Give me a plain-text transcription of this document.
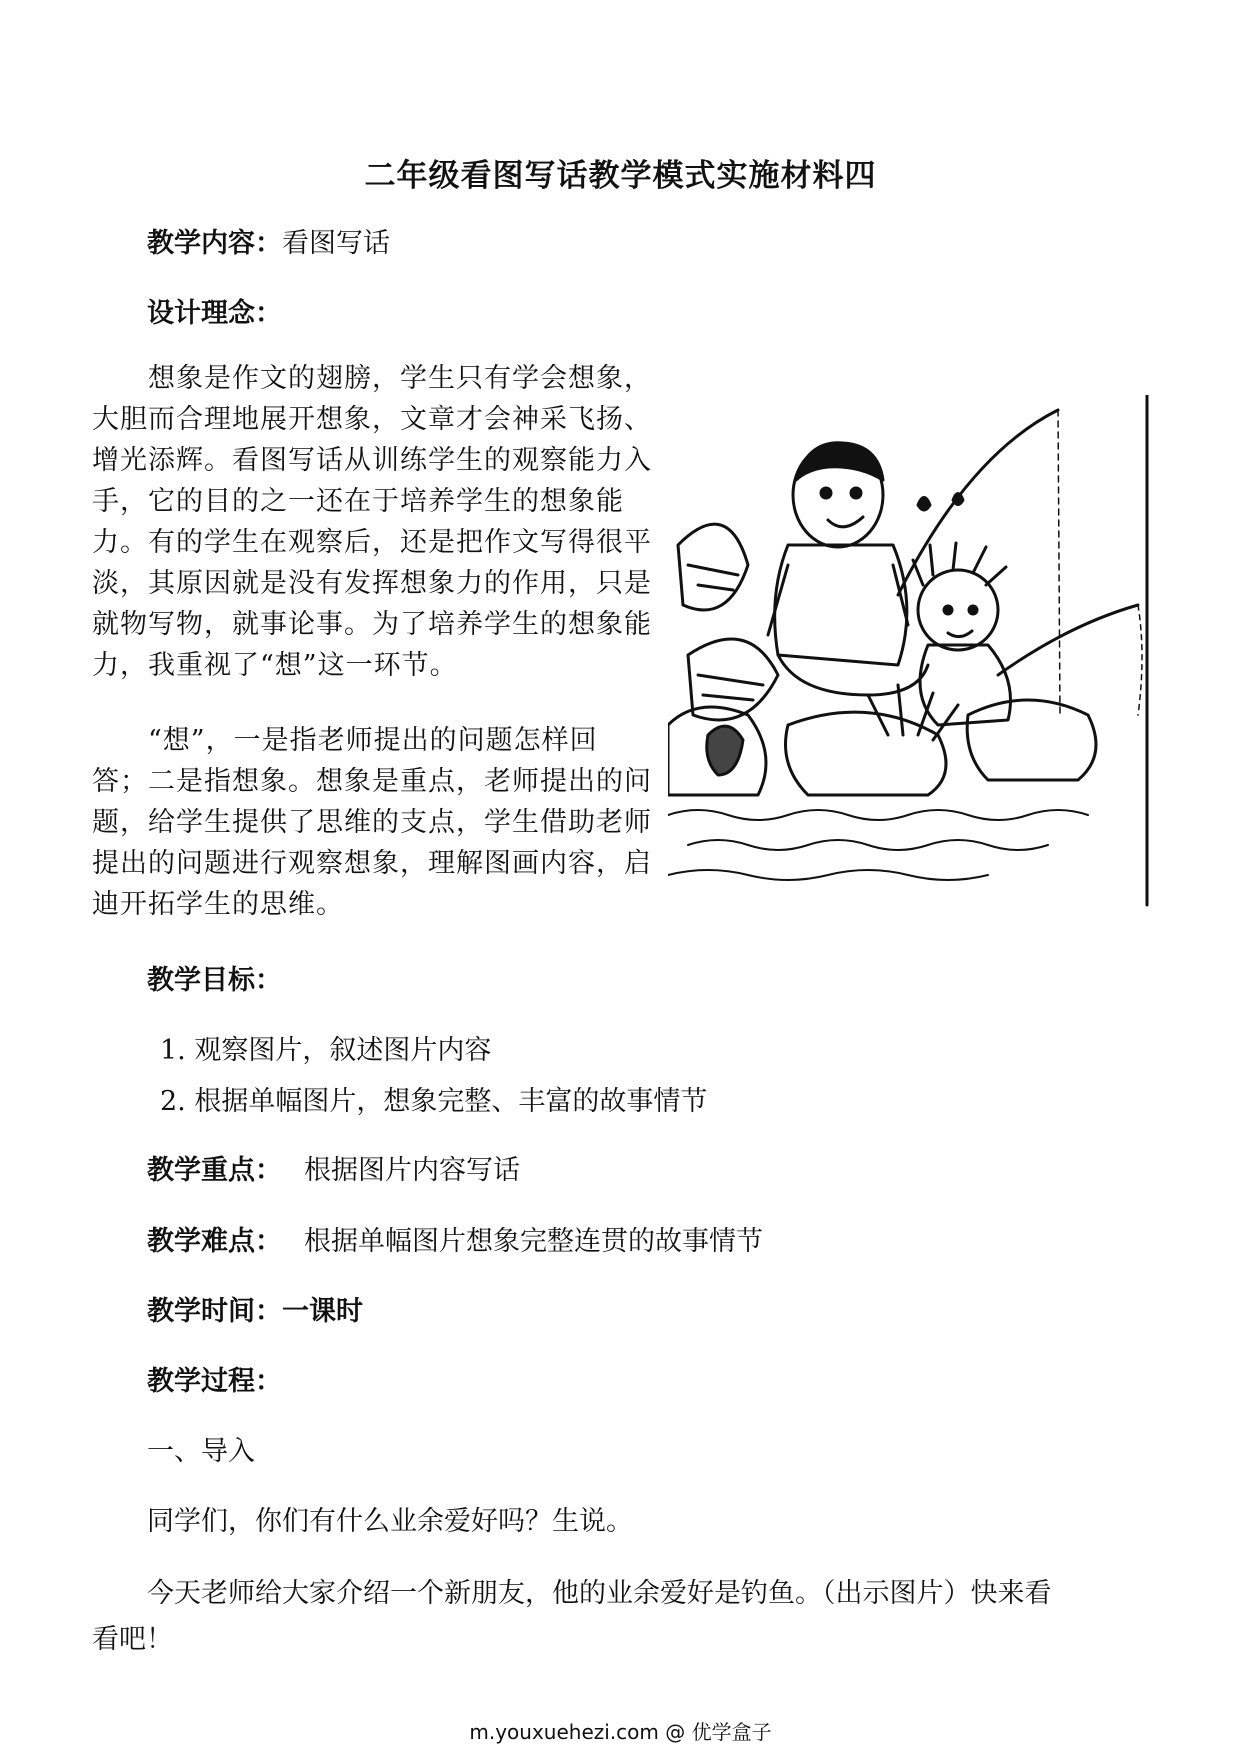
二年级看图写话教学模式实施材料四
教学内容：看图写话
设计理念：

想象是作文的翅膀，学生只有学会想象，大胆而合理地展开想象，文章才会神采飞扬、增光添辉。看图写话从训练学生的观察能力入手，它的目的之一还在于培养学生的想象能力。有的学生在观察后，还是把作文写得很平淡，其原因就是没有发挥想象力的作用，只是就物写物，就事论事。为了培养学生的想象能力，我重视了“想”这一环节。

“想”，一是指老师提出的问题怎样回答；二是指想象。想象是重点，老师提出的问题，给学生提供了思维的支点，学生借助老师提出的问题进行观察想象，理解图画内容，启迪开拓学生的思维。

教学目标：
1. 观察图片，叙述图片内容
2. 根据单幅图片，想象完整、丰富的故事情节
教学重点： 根据图片内容写话
教学难点： 根据单幅图片想象完整连贯的故事情节
教学时间：一课时
教学过程：
一、导入
同学们，你们有什么业余爱好吗？生说。
今天老师给大家介绍一个新朋友，他的业余爱好是钓鱼。（出示图片）快来看
看吧！
m.youxuehezi.com @ 优学盒子
